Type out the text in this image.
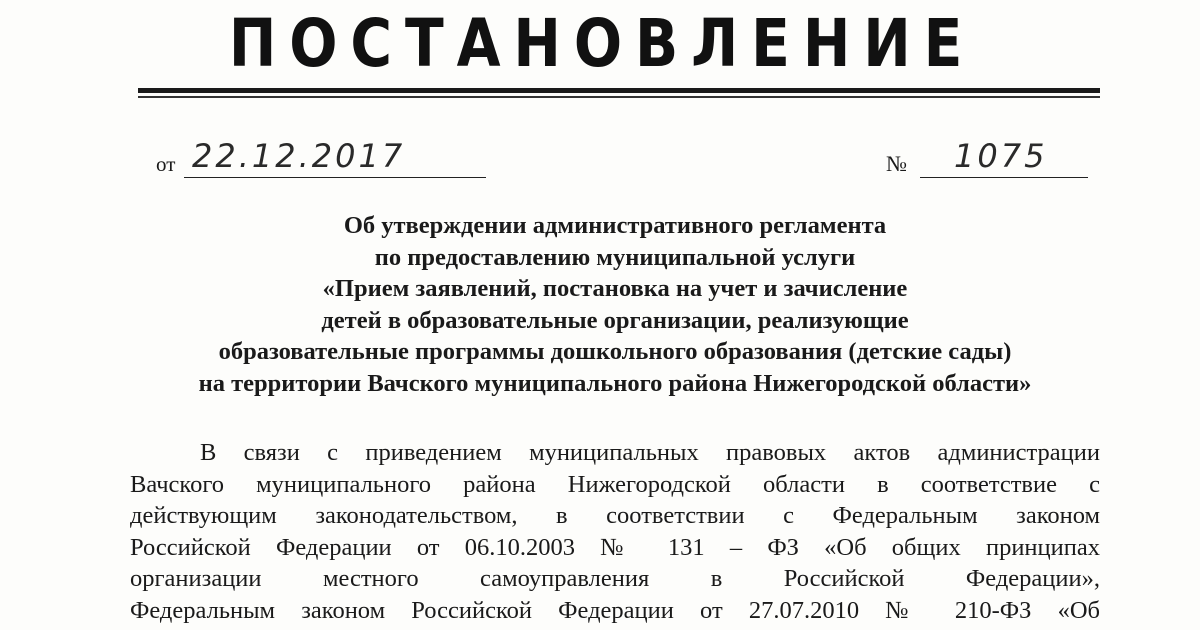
ПОСТАНОВЛЕНИЕ
от 22.12.2017	№ 1075
Об утверждении административного регламента
по предоставлению муниципальной услуги
«Прием заявлений, постановка на учет и зачисление
детей в образовательные организации, реализующие
образовательные программы дошкольного образования (детские сады)
на территории Вачского муниципального района Нижегородской области»
В связи с приведением муниципальных правовых актов администрации
Вачского муниципального района Нижегородской области в соответствие с
действующим законодательством, в соответствии с Федеральным законом
Российской Федерации от 06.10.2003 № 131 – ФЗ «Об общих принципах
организации местного самоуправления в Российской Федерации»,
Федеральным законом Российской Федерации от 27.07.2010 № 210-ФЗ «Об
